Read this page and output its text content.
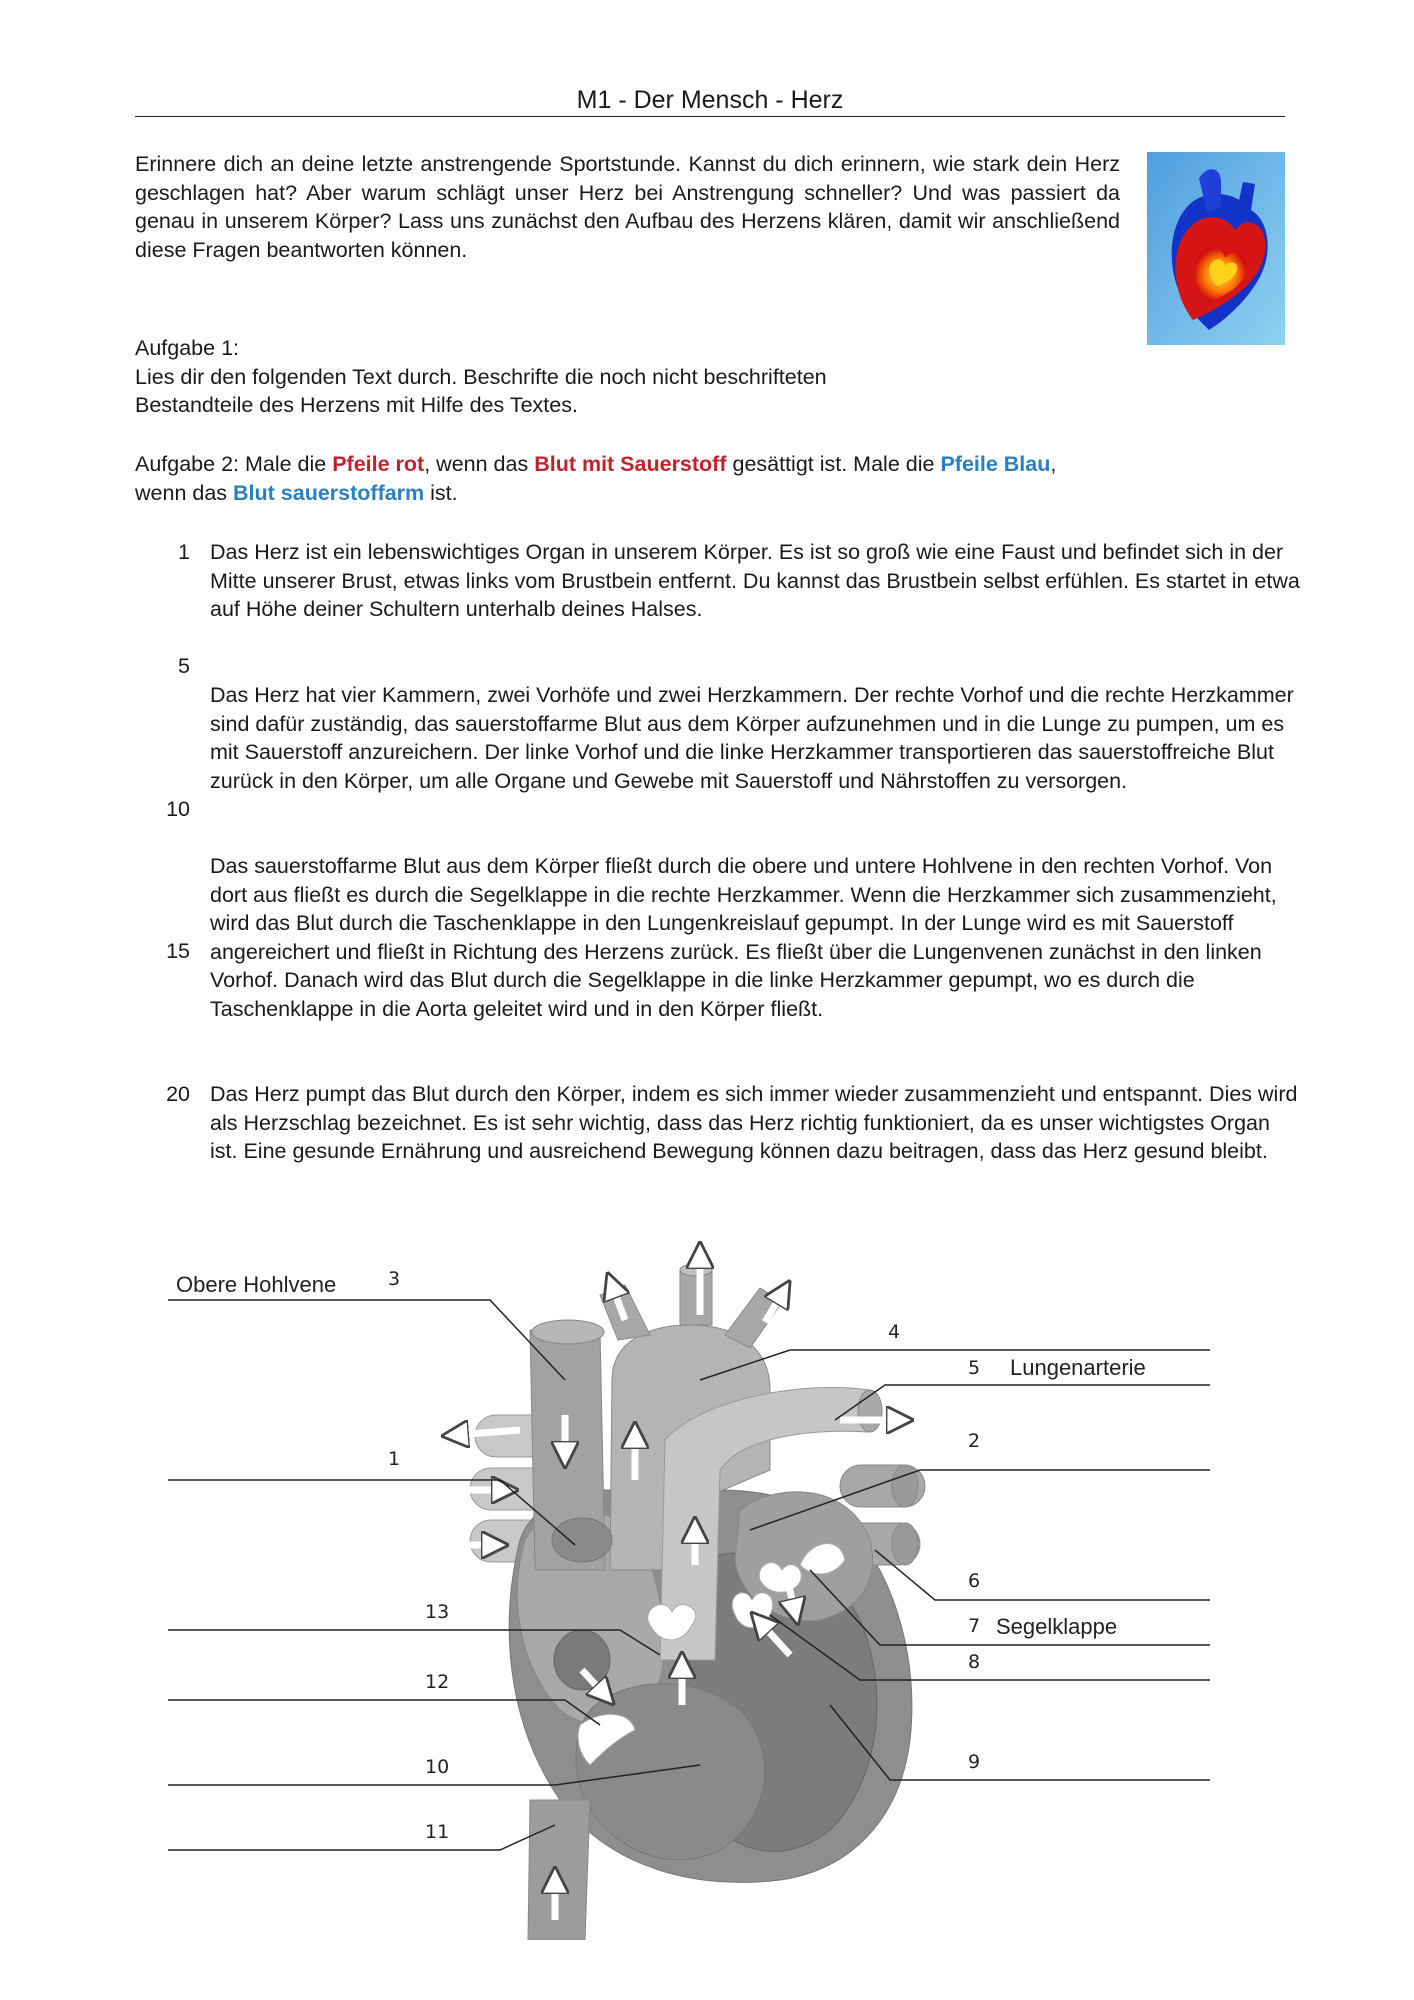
M1 - Der Mensch - Herz
Erinnere dich an deine letzte anstrengende Sportstunde. Kannst du dich erinnern, wie stark dein Herz geschlagen hat? Aber warum schlägt unser Herz bei Anstrengung schneller? Und was passiert da genau in unserem Körper? Lass uns zunächst den Aufbau des Herzens klären, damit wir anschließend diese Fragen beantworten können.
Aufgabe 1:
Lies dir den folgenden Text durch. Beschrifte die noch nicht beschrifteten
Bestandteile des Herzens mit Hilfe des Textes.
Aufgabe 2: Male die Pfeile rot, wenn das Blut mit Sauerstoff gesättigt ist. Male die Pfeile Blau,
wenn das Blut sauerstoffarm ist.
1
5
10
15
20
Das Herz ist ein lebenswichtiges Organ in unserem Körper. Es ist so groß wie eine Faust und befindet sich in der Mitte unserer Brust, etwas links vom Brustbein entfernt. Du kannst das Brustbein selbst erfühlen. Es startet in etwa auf Höhe deiner Schultern unterhalb deines Halses.
Das Herz hat vier Kammern, zwei Vorhöfe und zwei Herzkammern. Der rechte Vorhof und die rechte Herzkammer sind dafür zuständig, das sauerstoffarme Blut aus dem Körper aufzunehmen und in die Lunge zu pumpen, um es mit Sauerstoff anzureichern. Der linke Vorhof und die linke Herzkammer transportieren das sauerstoffreiche Blut zurück in den Körper, um alle Organe und Gewebe mit Sauerstoff und Nährstoffen zu versorgen.
Das sauerstoffarme Blut aus dem Körper fließt durch die obere und untere Hohlvene in den rechten Vorhof. Von dort aus fließt es durch die Segelklappe in die rechte Herzkammer. Wenn die Herzkammer sich zusammenzieht, wird das Blut durch die Taschenklappe in den Lungenkreislauf gepumpt. In der Lunge wird es mit Sauerstoff angereichert und fließt in Richtung des Herzens zurück. Es fließt über die Lungenvenen zunächst in den linken Vorhof. Danach wird das Blut durch die Segelklappe in die linke Herzkammer gepumpt, wo es durch die Taschenklappe in die Aorta geleitet wird und in den Körper fließt.
Das Herz pumpt das Blut durch den Körper, indem es sich immer wieder zusammenzieht und entspannt. Dies wird als Herzschlag bezeichnet. Es ist sehr wichtig, dass das Herz richtig funktioniert, da es unser wichtigstes Organ ist. Eine gesunde Ernährung und ausreichend Bewegung können dazu beitragen, dass das Herz gesund bleibt.
3
1
13
12
10
11
4
5
2
6
7
8
9
Obere Hohlvene
Lungenarterie
Segelklappe
